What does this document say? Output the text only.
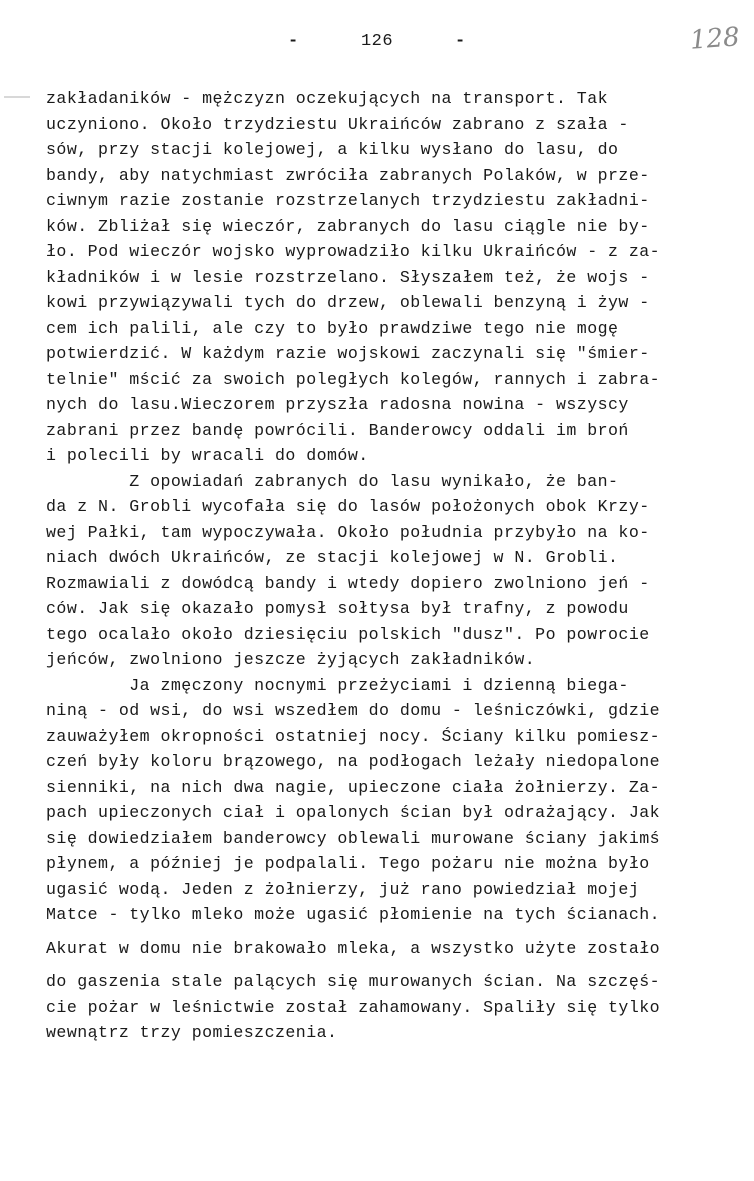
-	126	-	128
zakładaników - mężczyzn oczekujących na transport. Tak
uczyniono. Około trzydziestu Ukraińców zabrano z szała -
sów, przy stacji kolejowej, a kilku wysłano do lasu, do
bandy, aby natychmiast zwróciła zabranych Polaków, w prze-
ciwnym razie zostanie rozstrzelanych trzydziestu zakładni-
ków. Zbliżał się wieczór, zabranych do lasu ciągle nie by-
ło. Pod wieczór wojsko wyprowadziło kilku Ukraińców - z za-
kładników i w lesie rozstrzelano. Słyszałem też, że wojs -
kowi przywiązywali tych do drzew, oblewali benzyną i żyw -
cem ich palili, ale czy to było prawdziwe tego nie mogę
potwierdzić. W każdym razie wojskowi zaczynali się "śmier-
telnie" mścić za swoich poległych kolegów, rannych i zabra-
nych do lasu.Wieczorem przyszła radosna nowina - wszyscy
zabrani przez bandę powrócili. Banderowcy oddali im broń
i polecili by wracali do domów.
Z opowiadań zabranych do lasu wynikało, że ban-
da z N. Grobli wycofała się do lasów położonych obok Krzy-
wej Pałki, tam wypoczywała. Około południa przybyło na ko-
niach dwóch Ukraińców, ze stacji kolejowej w N. Grobli.
Rozmawiali z dowódcą bandy i wtedy dopiero zwolniono jeń -
ców. Jak się okazało pomysł sołtysa był trafny, z powodu
tego ocalało około dziesięciu polskich "dusz". Po powrocie
jeńców, zwolniono jeszcze żyjących zakładników.
Ja zmęczony nocnymi przeżyciami i dzienną biega-
niną - od wsi, do wsi wszedłem do domu - leśniczówki, gdzie
zauważyłem okropności ostatniej nocy. Ściany kilku pomiesz-
czeń były koloru brązowego, na podłogach leżały niedopalone
sienniki, na nich dwa nagie, upieczone ciała żołnierzy. Za-
pach upieczonych ciał i opalonych ścian był odrażający. Jak
się dowiedziałem banderowcy oblewali murowane ściany jakimś
płynem, a później je podpalali. Tego pożaru nie można było
ugasić wodą. Jeden z żołnierzy, już rano powiedział mojej
Matce - tylko mleko może ugasić płomienie na tych ścianach.
Akurat w domu nie brakowało mleka, a wszystko użyte zostało
do gaszenia stale palących się murowanych ścian. Na szczęś-
cie pożar w leśnictwie został zahamowany. Spaliły się tylko
wewnątrz trzy pomieszczenia.
